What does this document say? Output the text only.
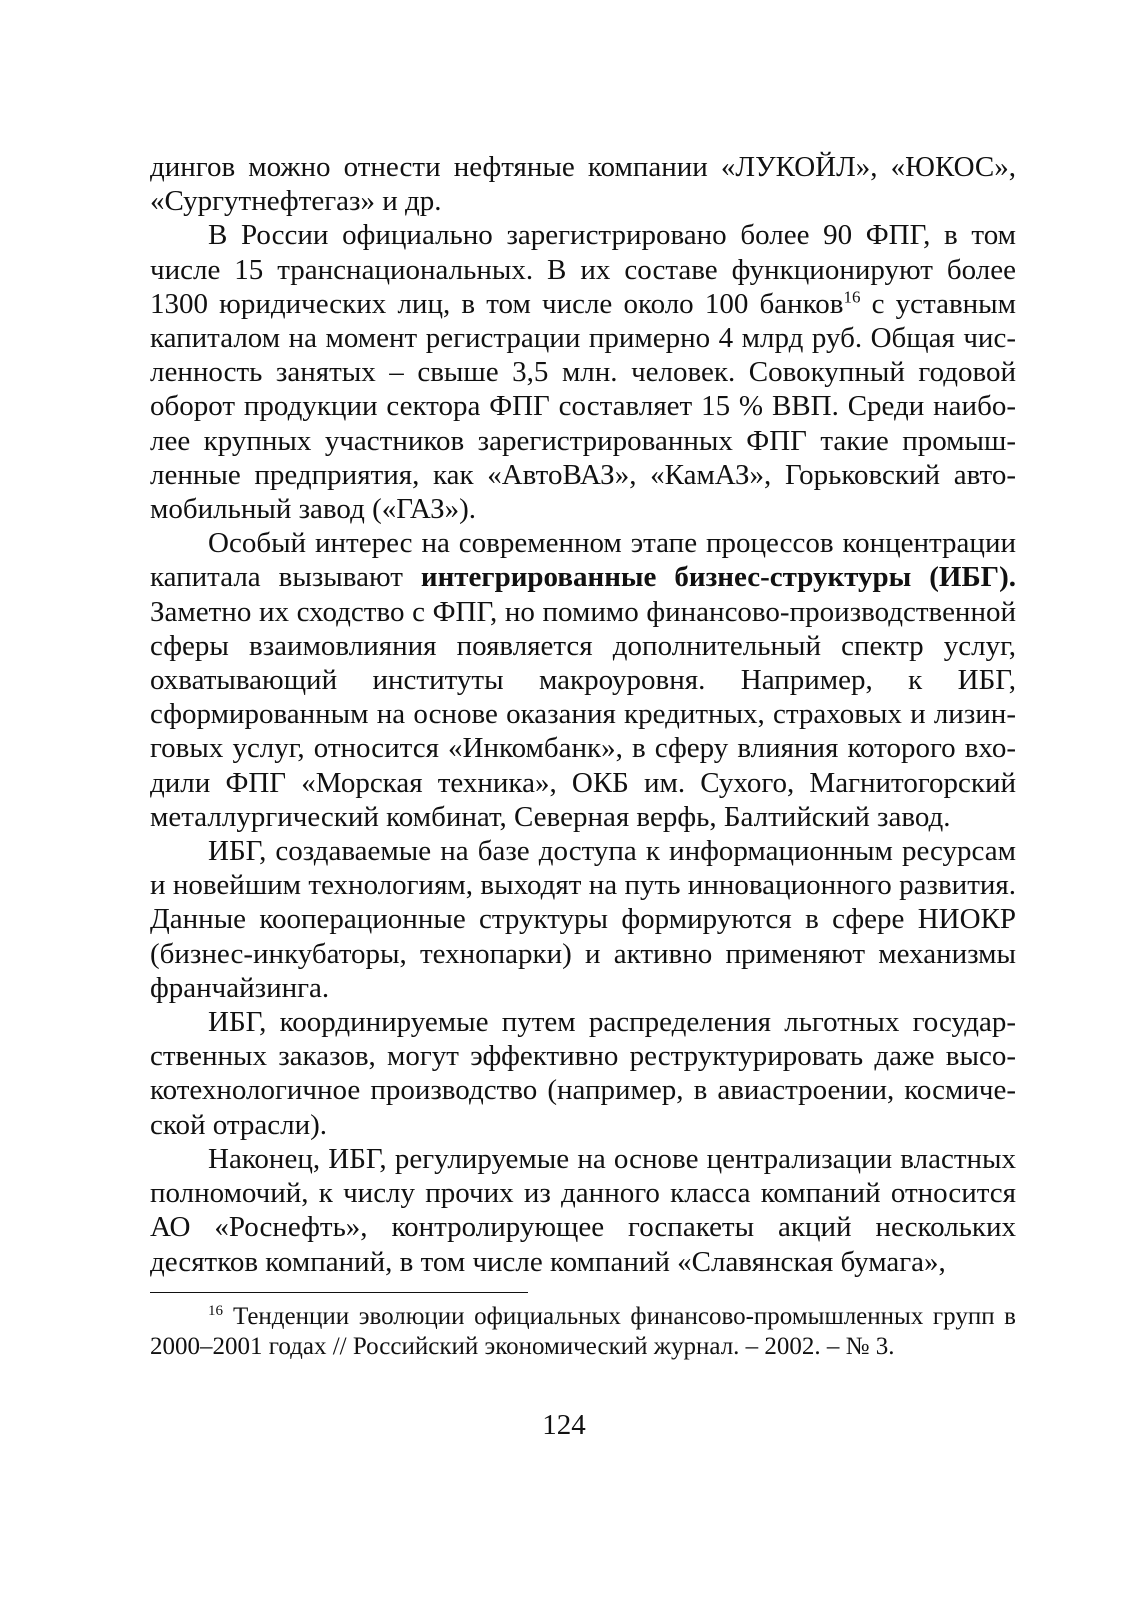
дингов можно отнести нефтяные компании «ЛУКОЙЛ», «ЮКОС», «Сургутнефтегаз» и др.

В России официально зарегистрировано более 90 ФПГ, в том числе 15 транснациональных. В их составе функционируют более 1300 юридических лиц, в том числе около 100 банков$^{16}$ с уставным капиталом на момент регистрации примерно 4 млрд руб. Общая численность занятых – свыше 3,5 млн. человек. Совокупный годовой оборот продукции сектора ФПГ составляет 15 % ВВП. Среди наиболее крупных участников зарегистрированных ФПГ такие промышленные предприятия, как «АвтоВАЗ», «КамАЗ», Горьковский автомобильный завод («ГАЗ»).

Особый интерес на современном этапе процессов концентрации капитала вызывают интегрированные бизнес-структуры (ИБГ). Заметно их сходство с ФПГ, но помимо финансово-производственной сферы взаимовлияния появляется дополнительный спектр услуг, охватывающий институты макроуровня. Например, к ИБГ, сформированным на основе оказания кредитных, страховых и лизинговых услуг, относится «Инкомбанк», в сферу влияния которого входили ФПГ «Морская техника», ОКБ им. Сухого, Магнитогорский металлургический комбинат, Северная верфь, Балтийский завод.

ИБГ, создаваемые на базе доступа к информационным ресурсам и новейшим технологиям, выходят на путь инновационного развития. Данные кооперационные структуры формируются в сфере НИОКР (бизнес-инкубаторы, технопарки) и активно применяют механизмы франчайзинга.

ИБГ, координируемые путем распределения льготных государственных заказов, могут эффективно реструктурировать даже высокотехнологичное производство (например, в авиастроении, космической отрасли).

Наконец, ИБГ, регулируемые на основе централизации властных полномочий, к числу прочих из данного класса компаний относится АО «Роснефть», контролирующее госпакеты акций нескольких десятков компаний, в том числе компаний «Славянская бумага»,

$^{16}$ Тенденции эволюции официальных финансово-промышленных групп в 2000–2001 годах // Российский экономический журнал. – 2002. – № 3.

124
